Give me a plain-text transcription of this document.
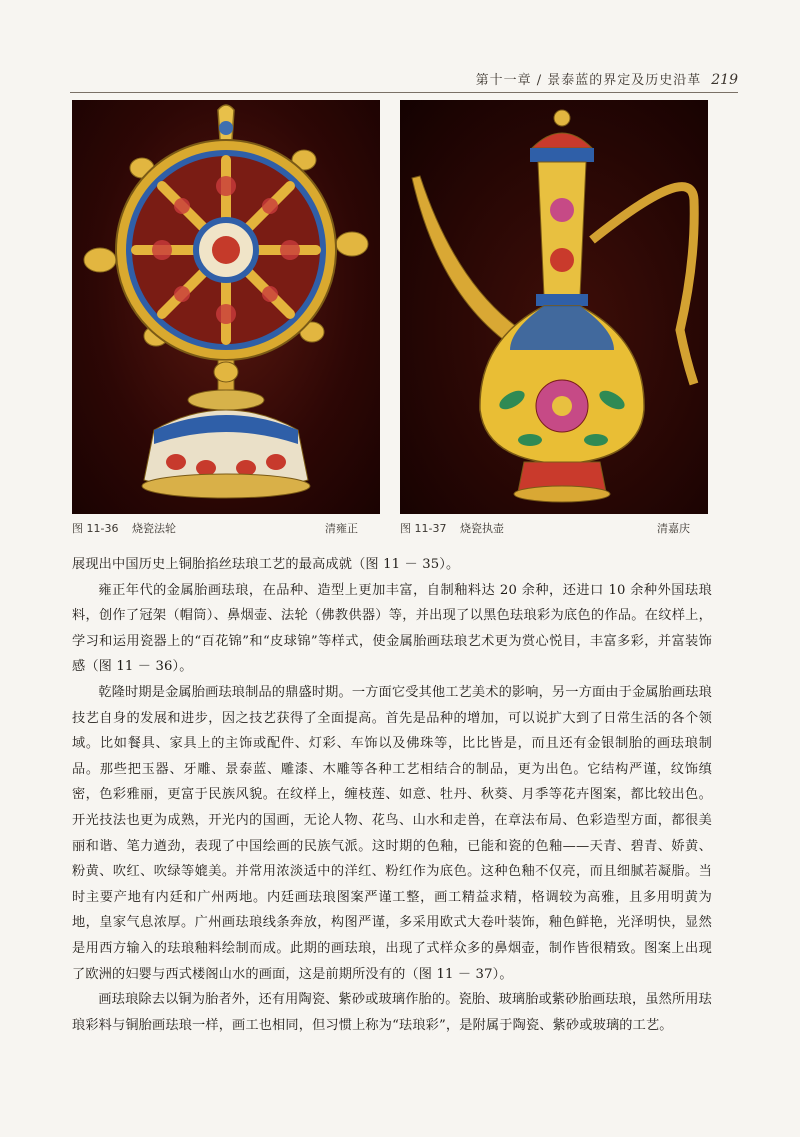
第十一章 / 景泰蓝的界定及历史沿革 219
图 11-36 烧瓷法轮	清雍正	图 11-37 烧瓷执壶	清嘉庆

展现出中国历史上铜胎掐丝珐琅工艺的最高成就（图 11 － 35）。

雍正年代的金属胎画珐琅，在品种、造型上更加丰富，自制釉料达 20 余种，还进口 10 余种外国珐琅料，创作了冠架（帽筒）、鼻烟壶、法轮（佛教供器）等，并出现了以黑色珐琅彩为底色的作品。在纹样上，学习和运用瓷器上的“百花锦”和“皮球锦”等样式，使金属胎画珐琅艺术更为赏心悦目，丰富多彩，并富装饰感（图 11 － 36）。

乾隆时期是金属胎画珐琅制品的鼎盛时期。一方面它受其他工艺美术的影响，另一方面由于金属胎画珐琅技艺自身的发展和进步，因之技艺获得了全面提高。首先是品种的增加，可以说扩大到了日常生活的各个领域。比如餐具、家具上的主饰或配件、灯彩、车饰以及佛珠等，比比皆是，而且还有金银制胎的画珐琅制品。那些把玉器、牙雕、景泰蓝、雕漆、木雕等各种工艺相结合的制品，更为出色。它结构严谨，纹饰缜密，色彩雅丽，更富于民族风貌。在纹样上，缠枝莲、如意、牡丹、秋葵、月季等花卉图案，都比较出色。开光技法也更为成熟，开光内的国画，无论人物、花鸟、山水和走兽，在章法布局、色彩造型方面，都很美丽和谐、笔力遒劲，表现了中国绘画的民族气派。这时期的色釉，已能和瓷的色釉——天青、碧青、娇黄、粉黄、吹红、吹绿等媲美。并常用浓淡适中的洋红、粉红作为底色。这种色釉不仅亮，而且细腻若凝脂。当时主要产地有内廷和广州两地。内廷画珐琅图案严谨工整，画工精益求精，格调较为高雅，且多用明黄为地，皇家气息浓厚。广州画珐琅线条奔放，构图严谨，多采用欧式大卷叶装饰，釉色鲜艳，光泽明快，显然是用西方输入的珐琅釉料绘制而成。此期的画珐琅，出现了式样众多的鼻烟壶，制作皆很精致。图案上出现了欧洲的妇婴与西式楼阁山水的画面，这是前期所没有的（图 11 － 37）。

画珐琅除去以铜为胎者外，还有用陶瓷、紫砂或玻璃作胎的。瓷胎、玻璃胎或紫砂胎画珐琅，虽然所用珐琅彩料与铜胎画珐琅一样，画工也相同，但习惯上称为“珐琅彩”，是附属于陶瓷、紫砂或玻璃的工艺。
